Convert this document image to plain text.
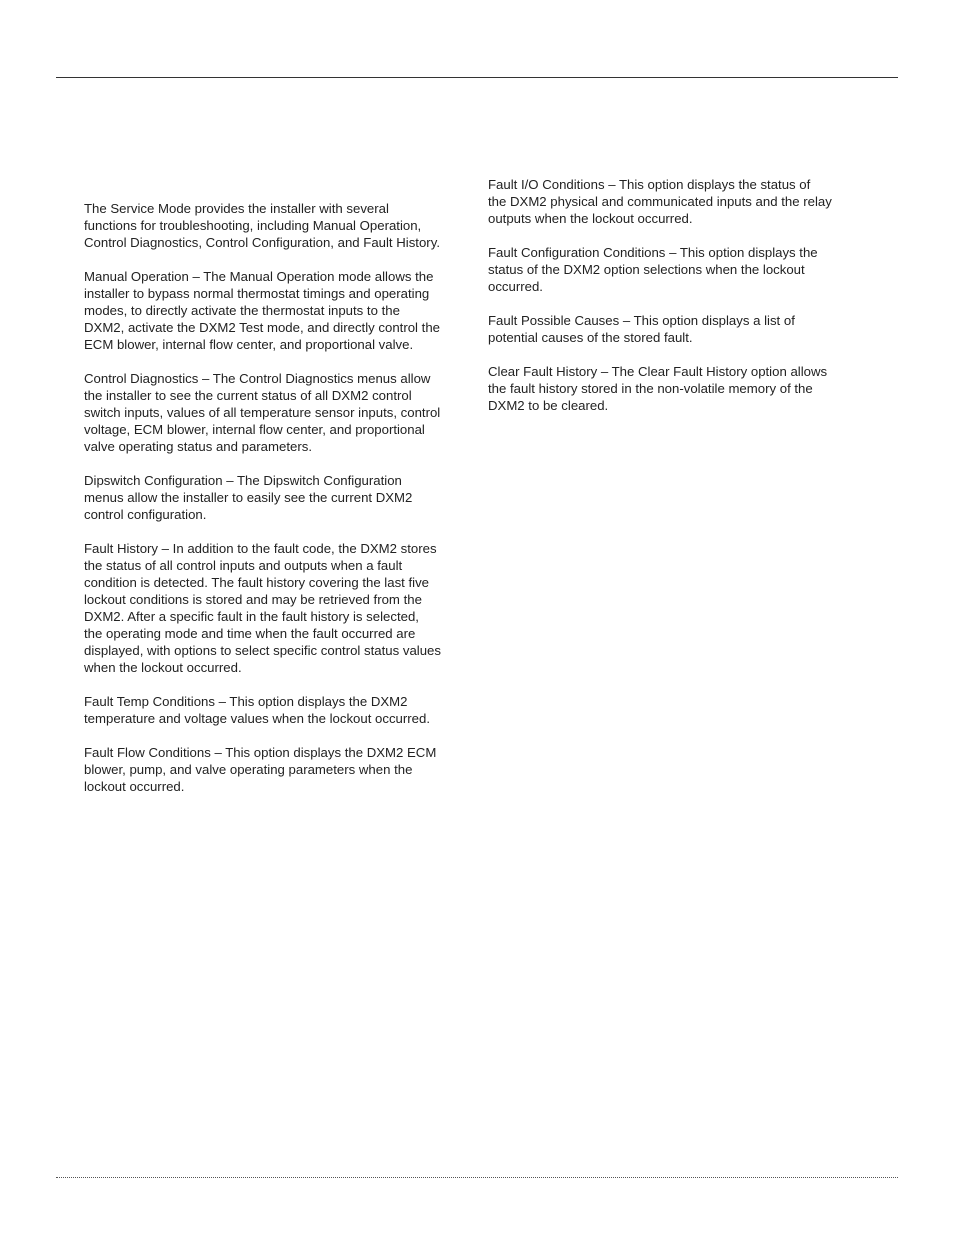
The Service Mode provides the installer with several
functions for troubleshooting, including Manual Operation,
Control Diagnostics, Control Configuration, and Fault History.

Manual Operation – The Manual Operation mode allows the
installer to bypass normal thermostat timings and operating
modes, to directly activate the thermostat inputs to the
DXM2, activate the DXM2 Test mode, and directly control the
ECM blower, internal flow center, and proportional valve.

Control Diagnostics – The Control Diagnostics menus allow
the installer to see the current status of all DXM2 control
switch inputs, values of all temperature sensor inputs, control
voltage, ECM blower, internal flow center, and proportional
valve operating status and parameters.

Dipswitch Configuration – The Dipswitch Configuration
menus allow the installer to easily see the current DXM2
control configuration.

Fault History – In addition to the fault code, the DXM2 stores
the status of all control inputs and outputs when a fault
condition is detected. The fault history covering the last five
lockout conditions is stored and may be retrieved from the
DXM2. After a specific fault in the fault history is selected,
the operating mode and time when the fault occurred are
displayed, with options to select specific control status values
when the lockout occurred.

Fault Temp Conditions – This option displays the DXM2
temperature and voltage values when the lockout occurred.

Fault Flow Conditions – This option displays the DXM2 ECM
blower, pump, and valve operating parameters when the
lockout occurred.

Fault I/O Conditions – This option displays the status of
the DXM2 physical and communicated inputs and the relay
outputs when the lockout occurred.

Fault Configuration Conditions – This option displays the
status of the DXM2 option selections when the lockout
occurred.

Fault Possible Causes – This option displays a list of
potential causes of the stored fault.

Clear Fault History – The Clear Fault History option allows
the fault history stored in the non-volatile memory of the
DXM2 to be cleared.
